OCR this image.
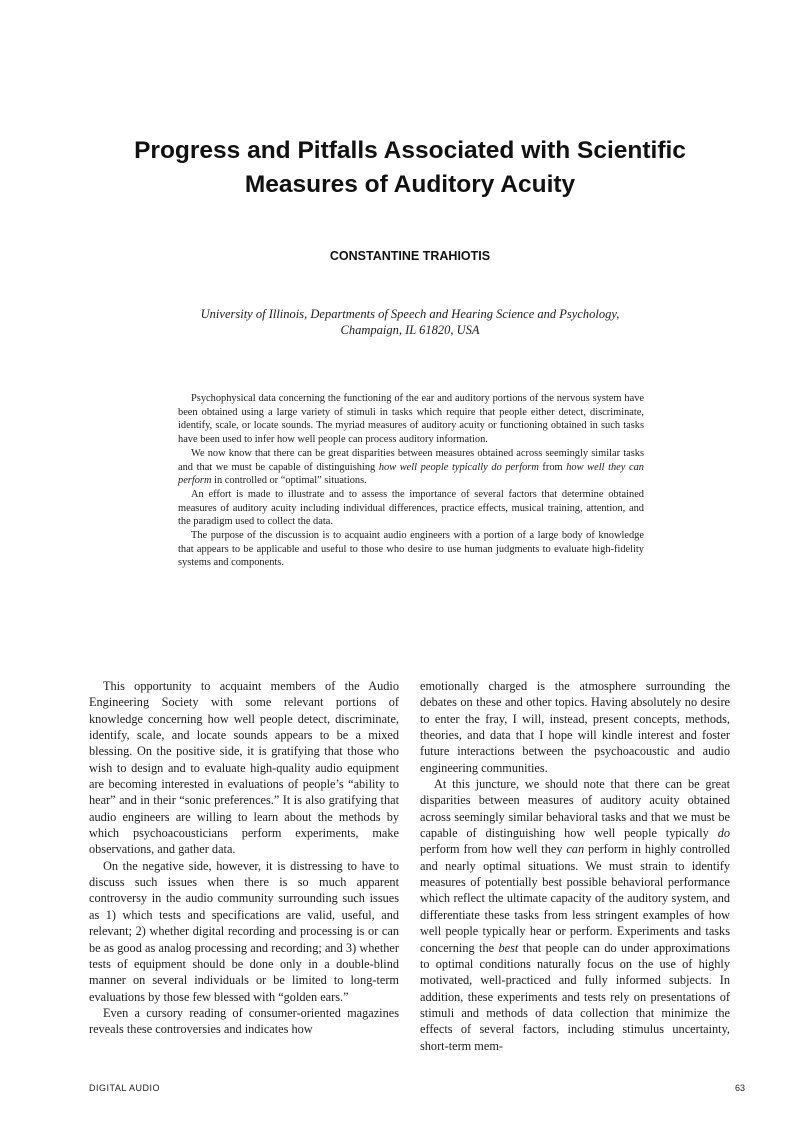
Progress and Pitfalls Associated with Scientific
Measures of Auditory Acuity
CONSTANTINE TRAHIOTIS
University of Illinois, Departments of Speech and Hearing Science and Psychology,
Champaign, IL 61820, USA

Psychophysical data concerning the functioning of the ear and auditory portions of the nervous system have been obtained using a large variety of stimuli in tasks which require that people either detect, discriminate, identify, scale, or locate sounds. The myriad measures of auditory acuity or functioning obtained in such tasks have been used to infer how well people can process auditory information.

We now know that there can be great disparities between measures obtained across seemingly similar tasks and that we must be capable of distinguishing how well people typically do perform from how well they can perform in controlled or “optimal” situations.

An effort is made to illustrate and to assess the importance of several factors that determine obtained measures of auditory acuity including individual differences, practice effects, musical training, attention, and the paradigm used to collect the data.

The purpose of the discussion is to acquaint audio engineers with a portion of a large body of knowledge that appears to be applicable and useful to those who desire to use human judgments to evaluate high-fidelity systems and components.

This opportunity to acquaint members of the Audio Engineering Society with some relevant portions of knowledge concerning how well people detect, discriminate, identify, scale, and locate sounds appears to be a mixed blessing. On the positive side, it is gratifying that those who wish to design and to evaluate high-quality audio equipment are becoming interested in evaluations of people’s “ability to hear” and in their “sonic preferences.” It is also gratifying that audio engineers are willing to learn about the methods by which psychoacousticians perform experiments, make observations, and gather data.

On the negative side, however, it is distressing to have to discuss such issues when there is so much apparent controversy in the audio community surrounding such issues as 1) which tests and specifications are valid, useful, and relevant; 2) whether digital recording and processing is or can be as good as analog processing and recording; and 3) whether tests of equipment should be done only in a double-blind manner on several individuals or be limited to long-term evaluations by those few blessed with “golden ears.”

Even a cursory reading of consumer-oriented magazines reveals these controversies and indicates how

emotionally charged is the atmosphere surrounding the debates on these and other topics. Having absolutely no desire to enter the fray, I will, instead, present concepts, methods, theories, and data that I hope will kindle interest and foster future interactions between the psychoacoustic and audio engineering communities.

At this juncture, we should note that there can be great disparities between measures of auditory acuity obtained across seemingly similar behavioral tasks and that we must be capable of distinguishing how well people typically do perform from how well they can perform in highly controlled and nearly optimal situations. We must strain to identify measures of potentially best possible behavioral performance which reflect the ultimate capacity of the auditory system, and differentiate these tasks from less stringent examples of how well people typically hear or perform. Experiments and tasks concerning the best that people can do under approximations to optimal conditions naturally focus on the use of highly motivated, well-practiced and fully informed subjects. In addition, these experiments and tests rely on presentations of stimuli and methods of data collection that minimize the effects of several factors, including stimulus uncertainty, short-term mem-

DIGITAL AUDIO	63
